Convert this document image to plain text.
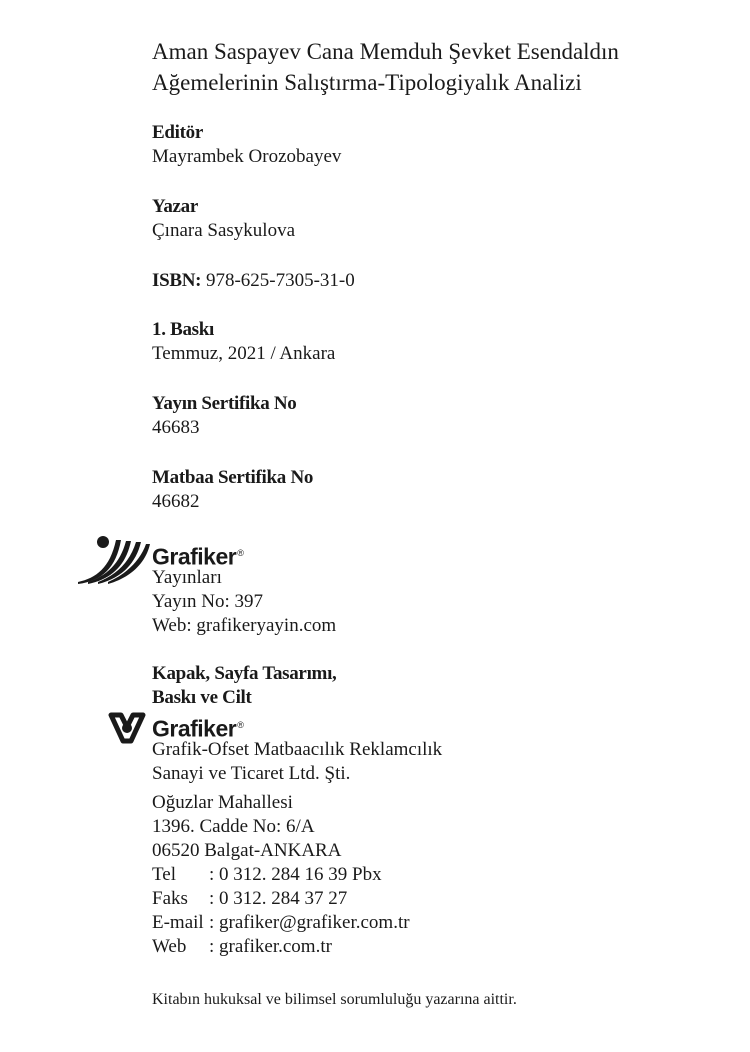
Aman Saspayev Cana Memduh Şevket Esendaldın
Ağemelerinin Salıştırma-Tipologiyalık Analizi
Editör
Mayrambek Orozobayev
Yazar
Çınara Sasykulova
ISBN: 978-625-7305-31-0
1. Baskı
Temmuz, 2021 / Ankara
Yayın Sertifika No
46683
Matbaa Sertifika No
46682
Grafiker®
Yayınları
Yayın No: 397
Web: grafikeryayin.com
Kapak, Sayfa Tasarımı,
Baskı ve Cilt
Grafiker®
Grafik-Ofset Matbaacılık Reklamcılık
Sanayi ve Ticaret Ltd. Şti.
Oğuzlar Mahallesi
1396. Cadde No: 6/A
06520 Balgat-ANKARA
Tel	: 0 312. 284 16 39 Pbx
Faks	: 0 312. 284 37 27
E-mail : grafiker@grafiker.com.tr
Web	: grafiker.com.tr
Kitabın hukuksal ve bilimsel sorumluluğu yazarına aittir.
